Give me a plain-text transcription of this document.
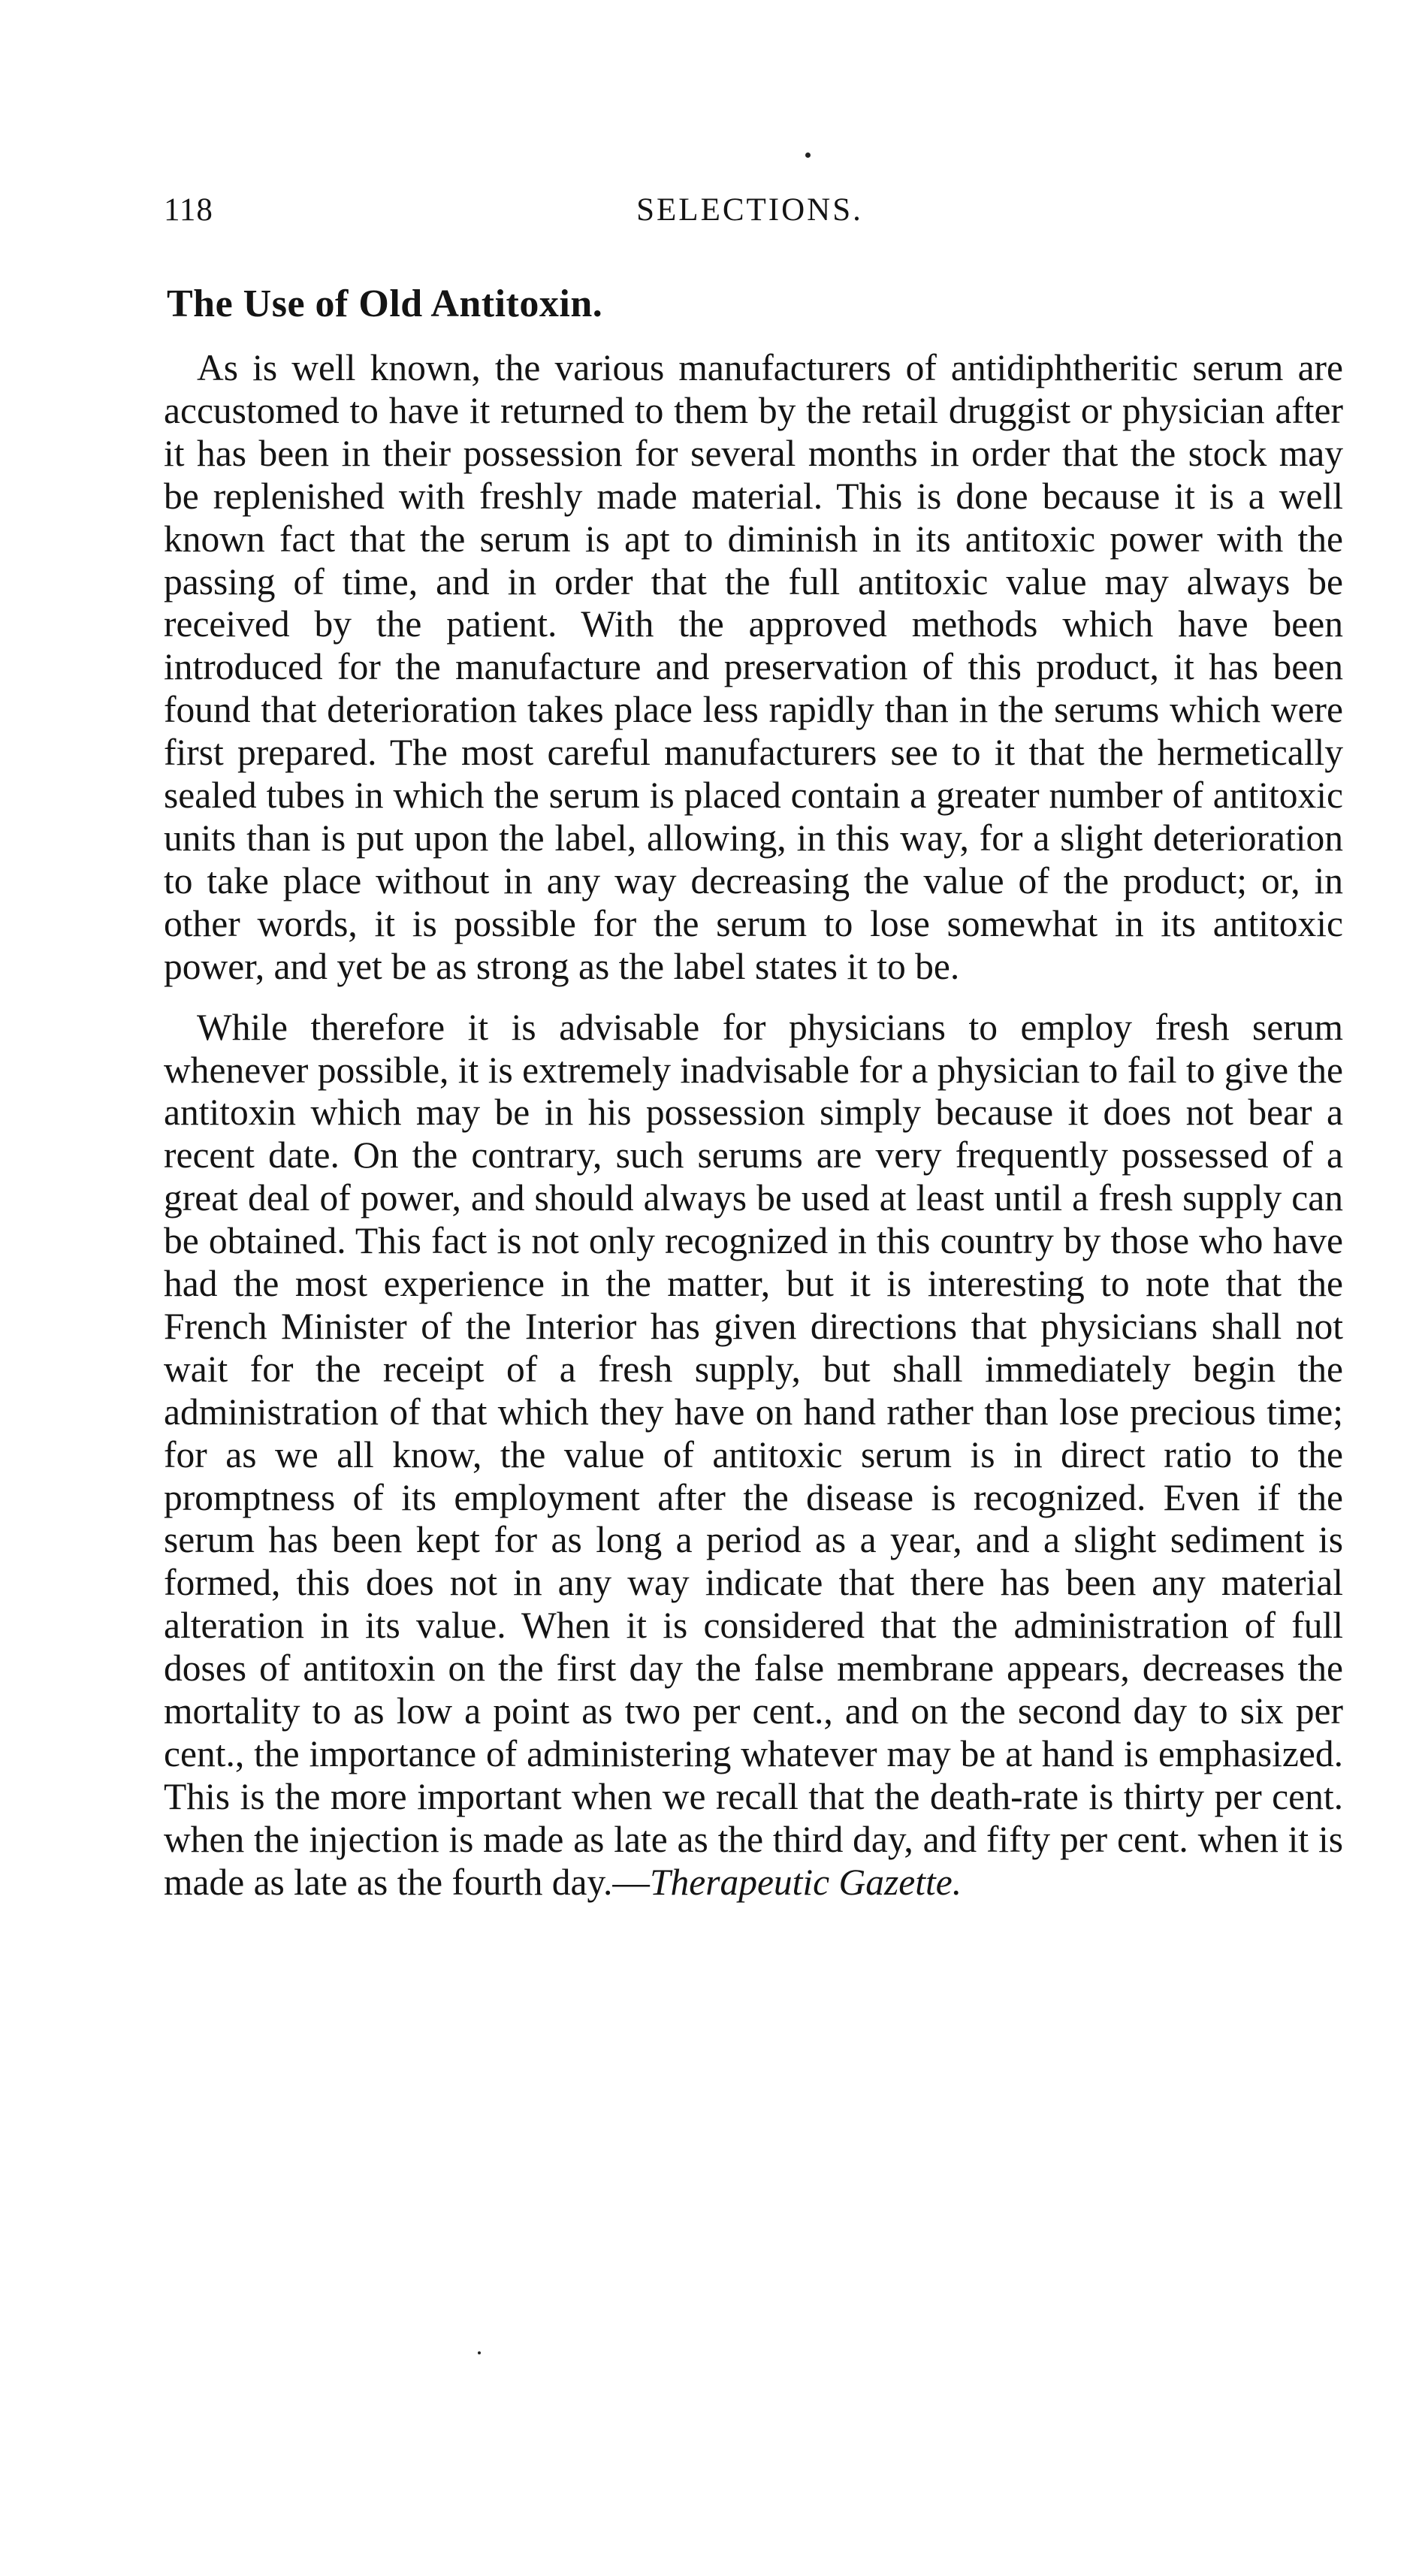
118	SELECTIONS.
The Use of Old Antitoxin.

As is well known, the various manufacturers of antidiphtheritic serum are accustomed to have it returned to them by the retail druggist or physician after it has been in their possession for several months in order that the stock may be replenished with freshly made material. This is done because it is a well known fact that the serum is apt to diminish in its antitoxic power with the passing of time, and in order that the full antitoxic value may always be received by the patient. With the approved methods which have been introduced for the manufacture and preservation of this product, it has been found that deterioration takes place less rapidly than in the serums which were first prepared. The most careful manufacturers see to it that the hermetically sealed tubes in which the serum is placed contain a greater number of antitoxic units than is put upon the label, allowing, in this way, for a slight deterioration to take place without in any way decreasing the value of the product; or, in other words, it is possible for the serum to lose somewhat in its antitoxic power, and yet be as strong as the label states it to be.

While therefore it is advisable for physicians to employ fresh serum whenever possible, it is extremely inadvisable for a physician to fail to give the antitoxin which may be in his possession simply because it does not bear a recent date. On the contrary, such serums are very frequently possessed of a great deal of power, and should always be used at least until a fresh supply can be obtained. This fact is not only recognized in this country by those who have had the most experience in the matter, but it is interesting to note that the French Minister of the Interior has given directions that physicians shall not wait for the receipt of a fresh supply, but shall immediately begin the administration of that which they have on hand rather than lose precious time; for as we all know, the value of antitoxic serum is in direct ratio to the promptness of its employment after the disease is recognized. Even if the serum has been kept for as long a period as a year, and a slight sediment is formed, this does not in any way indicate that there has been any material alteration in its value. When it is considered that the administration of full doses of antitoxin on the first day the false membrane appears, decreases the mortality to as low a point as two per cent., and on the second day to six per cent., the importance of administering whatever may be at hand is emphasized. This is the more important when we recall that the death-rate is thirty per cent. when the injection is made as late as the third day, and fifty per cent. when it is made as late as the fourth day.—Therapeutic Gazette.
